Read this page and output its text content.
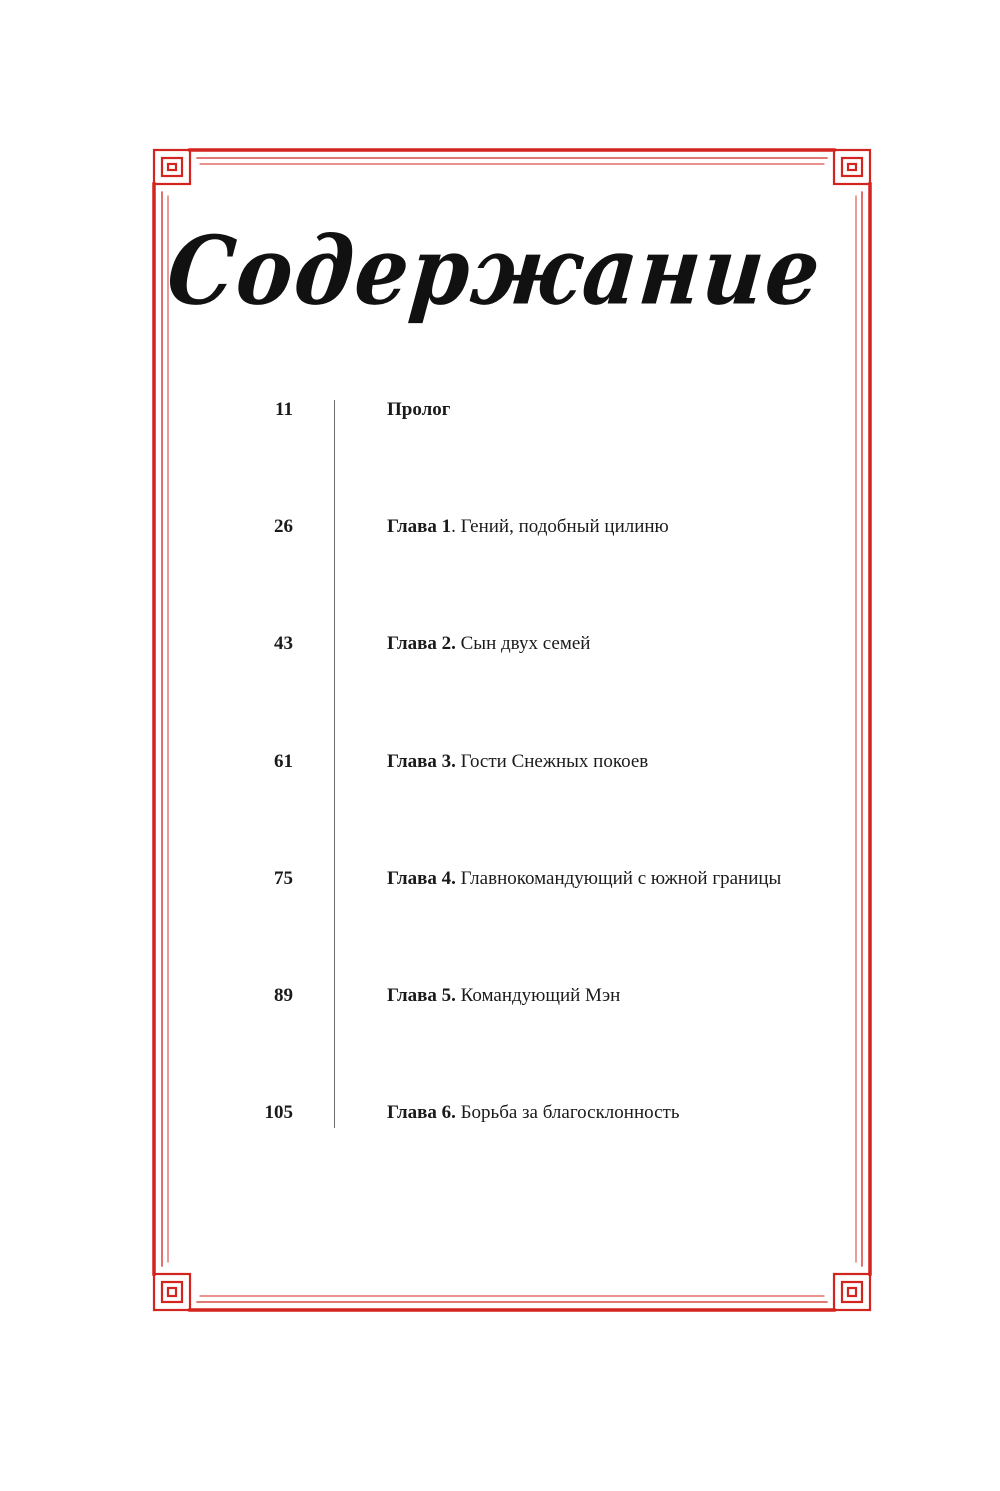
Содержание
11	Пролог
26	Глава 1. Гений, подобный цилиню
43	Глава 2. Сын двух семей
61	Глава 3. Гости Снежных покоев
75	Глава 4. Главнокомандующий с южной границы
89	Глава 5. Командующий Мэн
105	Глава 6. Борьба за благосклонность
